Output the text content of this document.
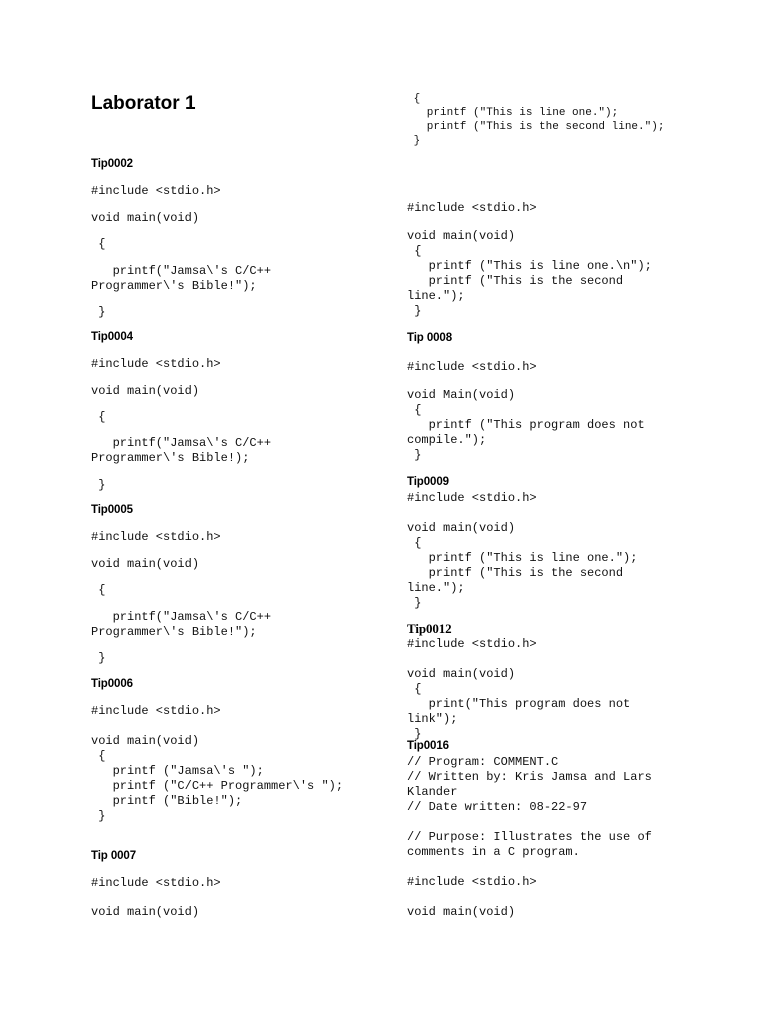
Laborator 1
Tip0002
#include <stdio.h>
void main(void)
{
printf("Jamsa\'s C/C++
Programmer\'s Bible!");
}
Tip0004
#include <stdio.h>
void main(void)
{
printf("Jamsa\'s C/C++
Programmer\'s Bible!);
}
Tip0005
#include <stdio.h>
void main(void)
{
printf("Jamsa\'s C/C++
Programmer\'s Bible!");
}
Tip0006
#include <stdio.h>
void main(void)
{
printf ("Jamsa\'s ");
printf ("C/C++ Programmer\'s ");
printf ("Bible!");
}
Tip 0007
#include <stdio.h>
void main(void)
{
printf ("This is line one.");
printf ("This is the second line.");
}
#include <stdio.h>
void main(void)
{
printf ("This is line one.\n");
printf ("This is the second
line.");
}
Tip 0008
#include <stdio.h>
void Main(void)
{
printf ("This program does not
compile.");
}
Tip0009
#include <stdio.h>

void main(void)
{
printf ("This is line one.");
printf ("This is the second
line.");
}
Tip0012
#include <stdio.h>

void main(void)
{
print("This program does not
link");
}
Tip0016
// Program: COMMENT.C
// Written by: Kris Jamsa and Lars
Klander
// Date written: 08-22-97

// Purpose: Illustrates the use of
comments in a C program.

#include <stdio.h>

void main(void)
